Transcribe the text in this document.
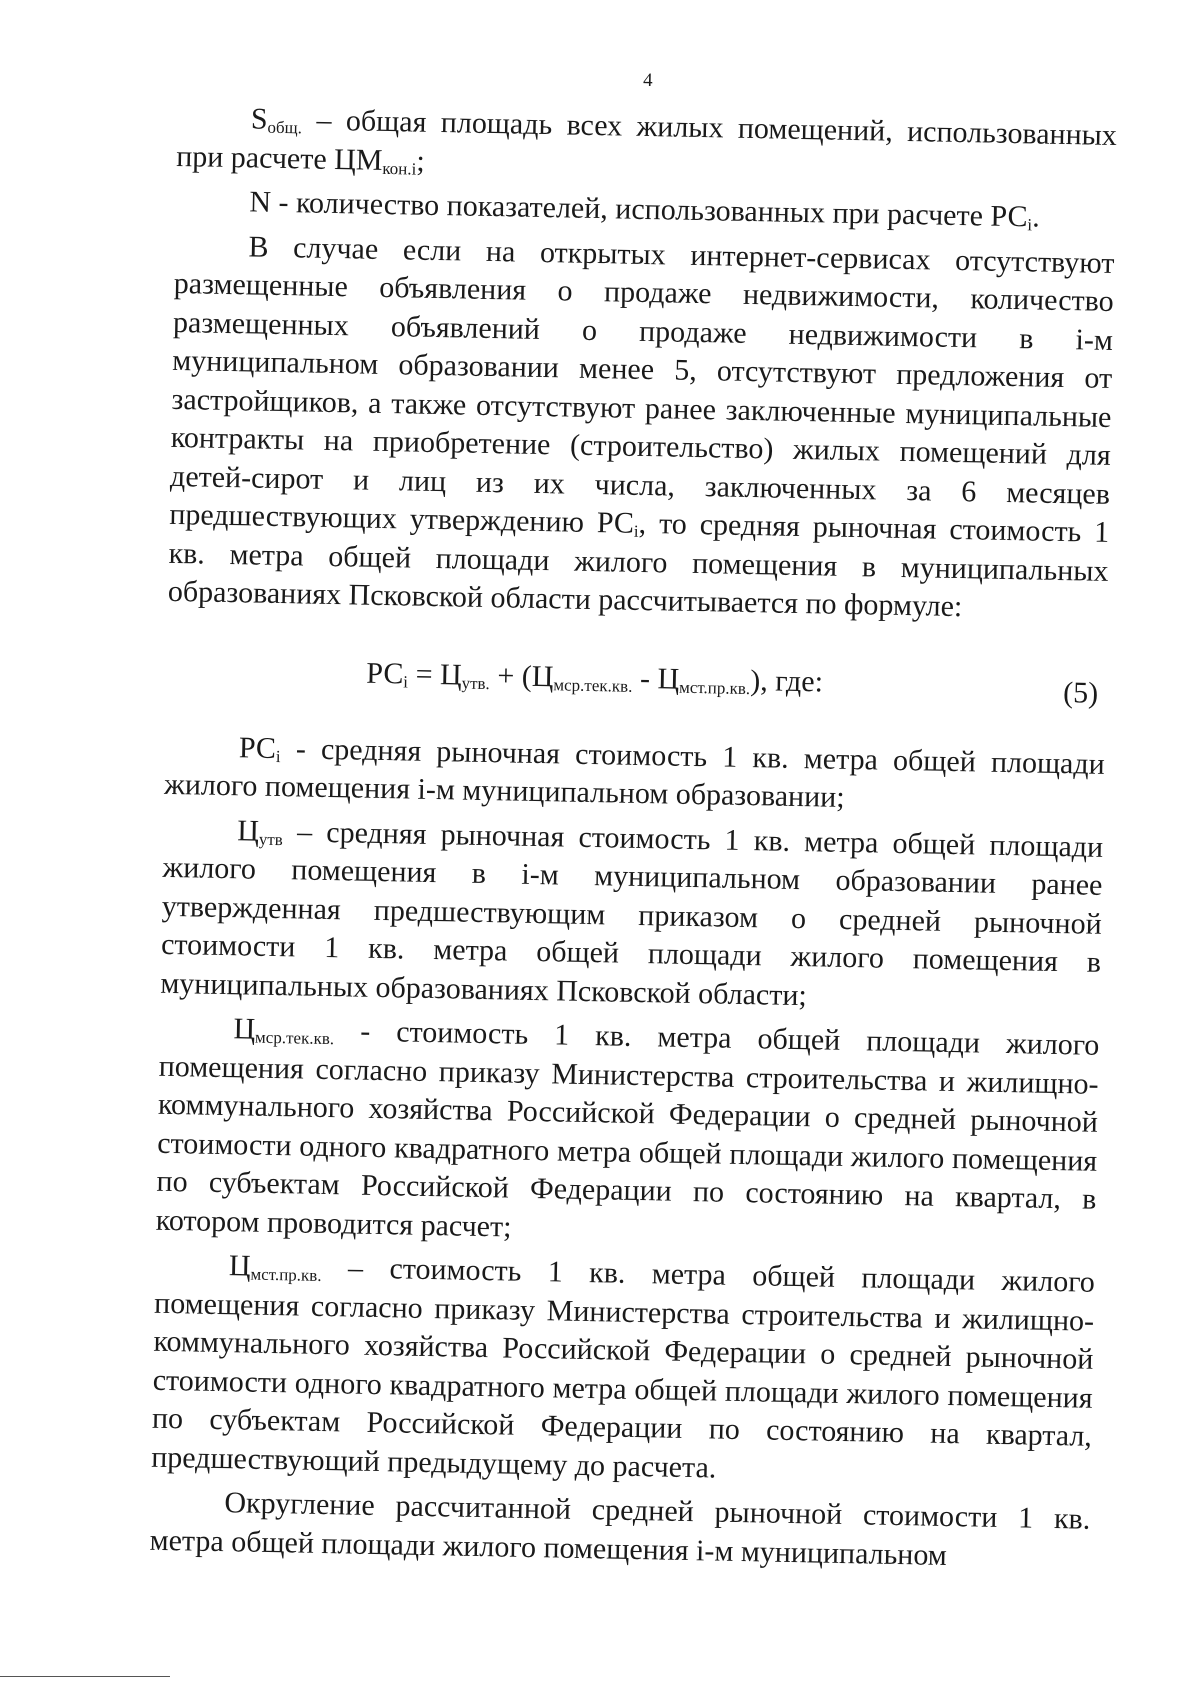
4

$S_{общ.}$ – общая площадь всех жилых помещений, использованных при расчете $ЦМ_{кон.i}$;

N - количество показателей, использованных при расчете $РС_i$.

В случае если на открытых интернет-сервисах отсутствуют размещенные объявления о продаже недвижимости, количество размещенных объявлений о продаже недвижимости в i-м муниципальном образовании менее 5, отсутствуют предложения от застройщиков, а также отсутствуют ранее заключенные муниципальные контракты на приобретение (строительство) жилых помещений для детей-сирот и лиц из их числа, заключенных за 6 месяцев предшествующих утверждению $РС_i$, то средняя рыночная стоимость 1 кв. метра общей площади жилого помещения в муниципальных образованиях Псковской области рассчитывается по формуле:

$РС_i = Ц_{утв.} + (Ц_{мср.тек.кв.} - Ц_{мст.пр.кв.})$, где:	(5)

$РС_i$ - средняя рыночная стоимость 1 кв. метра общей площади жилого помещения i-м муниципальном образовании;

$Ц_{утв}$ – средняя рыночная стоимость 1 кв. метра общей площади жилого помещения в i-м муниципальном образовании ранее утвержденная предшествующим приказом о средней рыночной стоимости 1 кв. метра общей площади жилого помещения в муниципальных образованиях Псковской области;

$Ц_{мср.тек.кв.}$ - стоимость 1 кв. метра общей площади жилого помещения согласно приказу Министерства строительства и жилищно-коммунального хозяйства Российской Федерации о средней рыночной стоимости одного квадратного метра общей площади жилого помещения по субъектам Российской Федерации по состоянию на квартал, в котором проводится расчет;

$Ц_{мст.пр.кв.}$ – стоимость 1 кв. метра общей площади жилого помещения согласно приказу Министерства строительства и жилищно-коммунального хозяйства Российской Федерации о средней рыночной стоимости одного квадратного метра общей площади жилого помещения по субъектам Российской Федерации по состоянию на квартал, предшествующий предыдущему до расчета.

Округление рассчитанной средней рыночной стоимости 1 кв. метра общей площади жилого помещения i-м муниципальном
